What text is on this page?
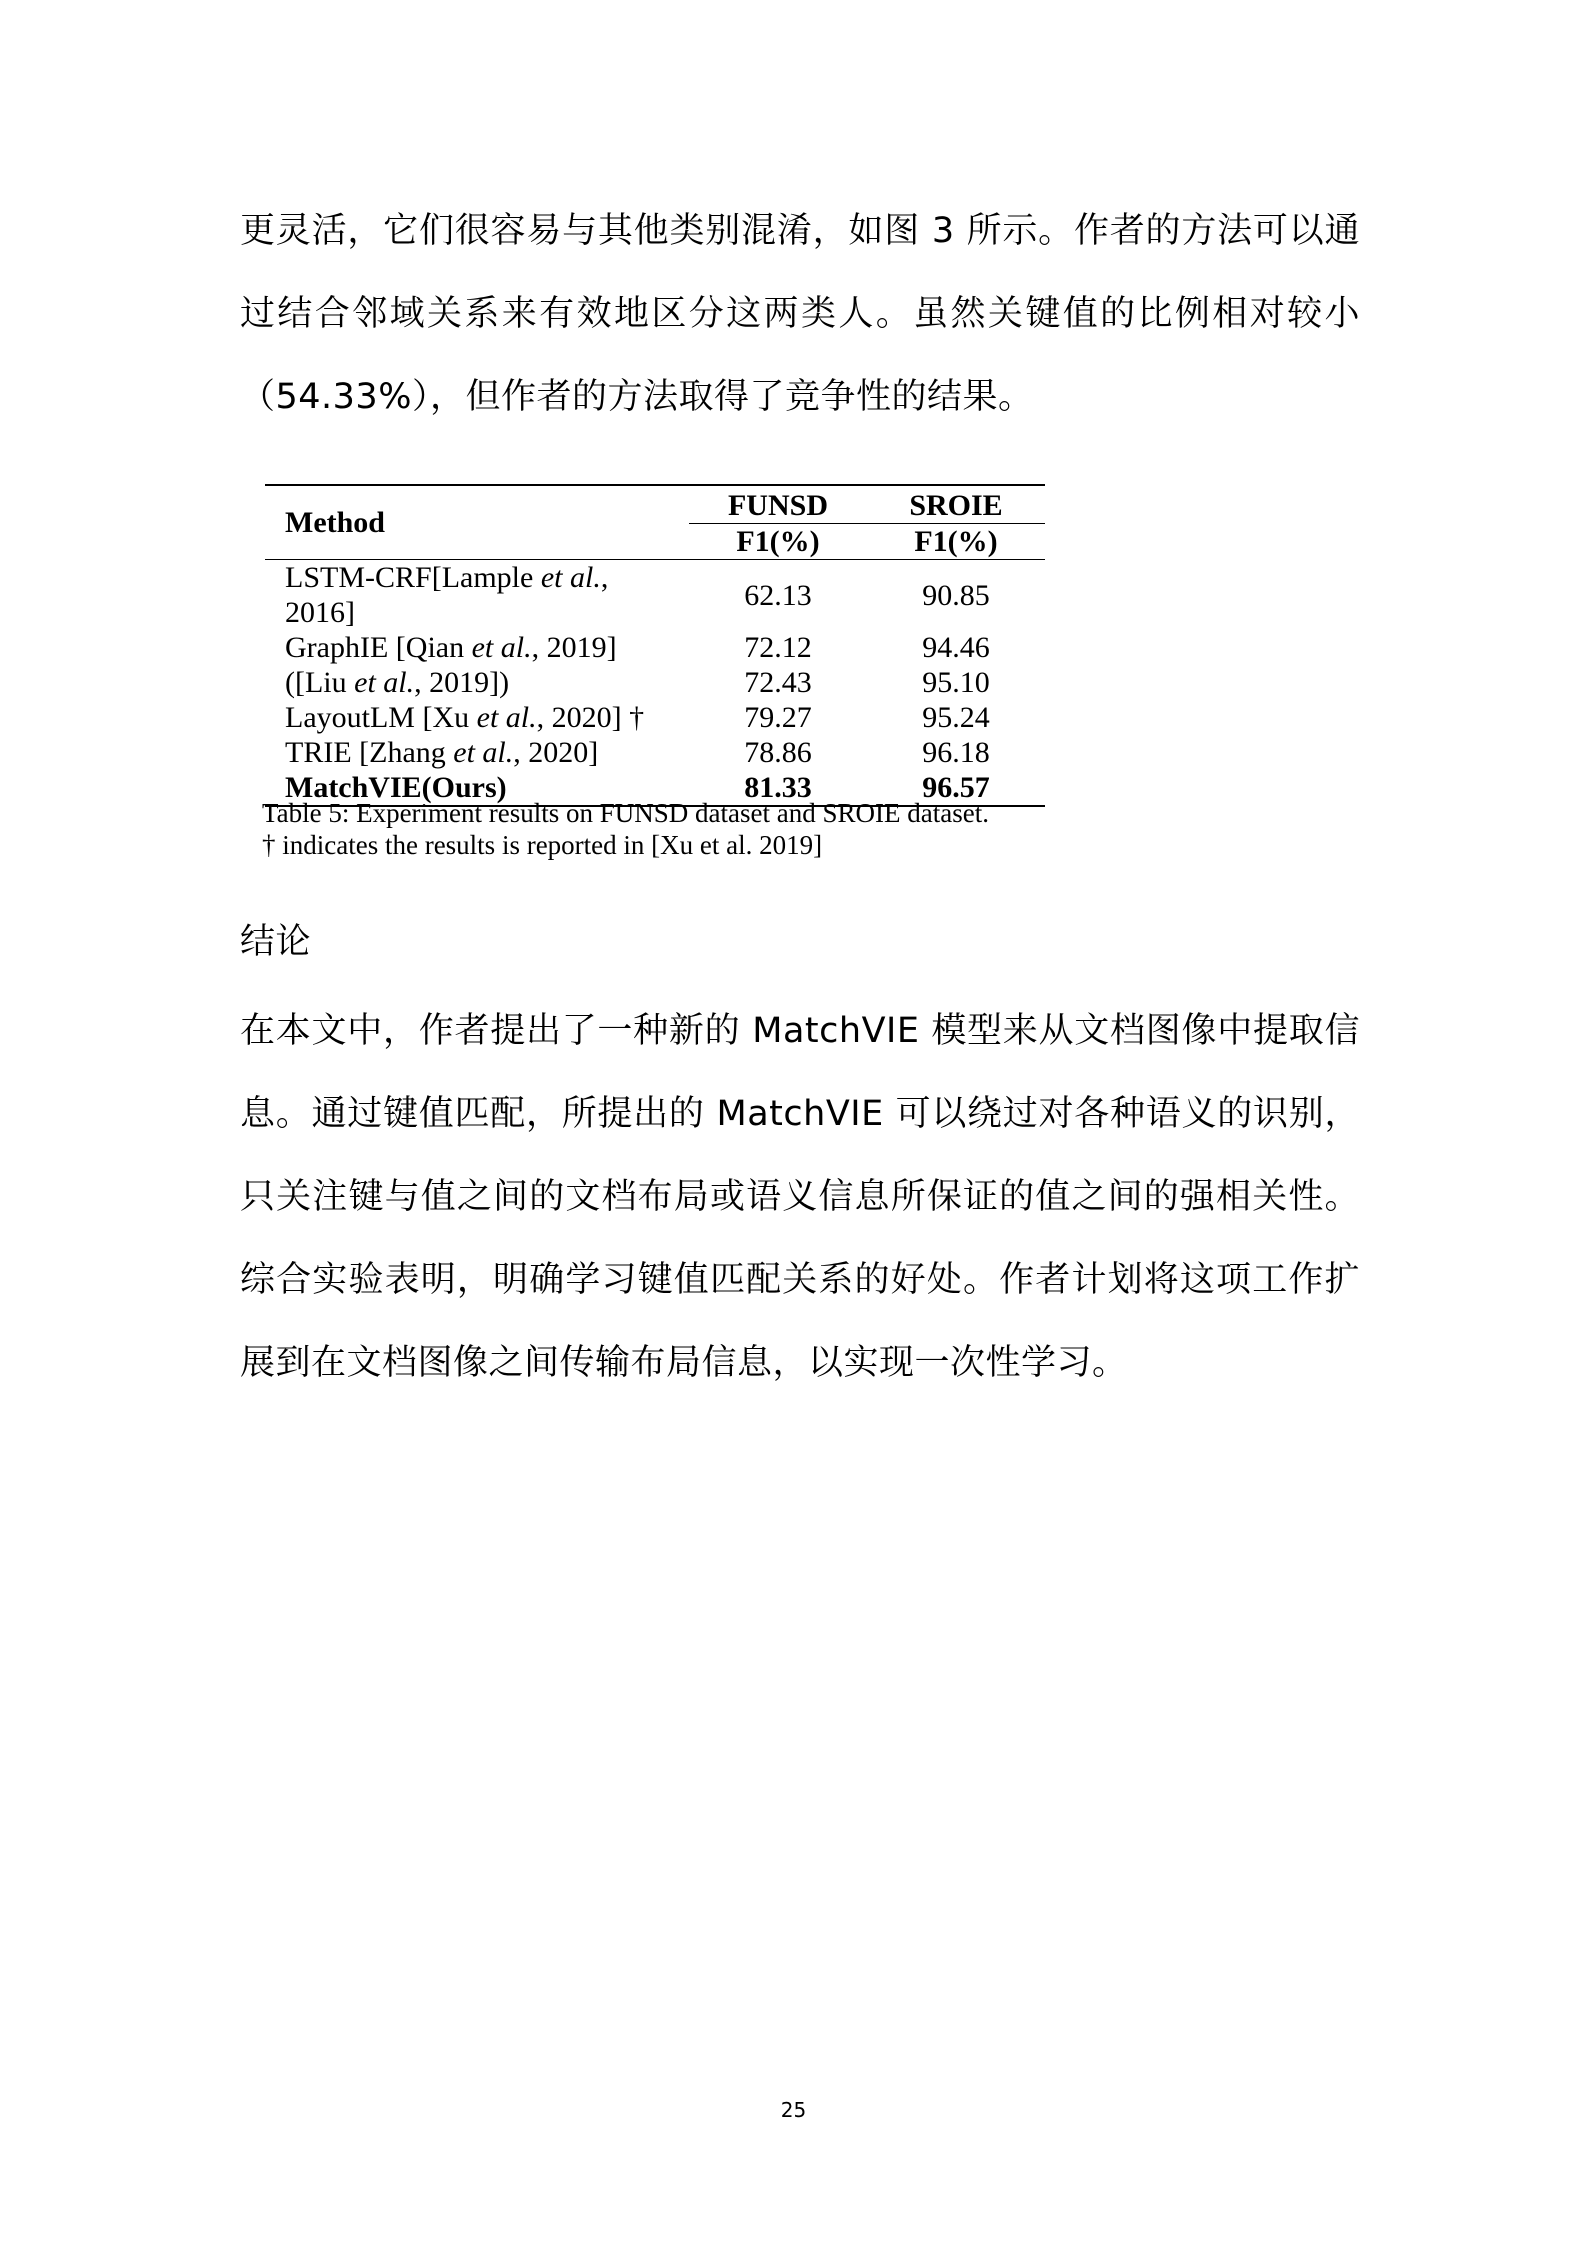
更灵活，它们很容易与其他类别混淆，如图 3 所示。作者的方法可以通过结合邻域关系来有效地区分这两类人。虽然关键值的比例相对较小（54.33%），但作者的方法取得了竞争性的结果。

Method	FUNSD	SROIE
	F1(%)	F1(%)
LSTM-CRF[Lample et al., 2016]	62.13	90.85
GraphIE [Qian et al., 2019]	72.12	94.46
([Liu et al., 2019])	72.43	95.10
LayoutLM [Xu et al., 2020] †	79.27	95.24
TRIE [Zhang et al., 2020]	78.86	96.18
MatchVIE(Ours)	81.33	96.57
Table 5: Experiment results on FUNSD dataset and SROIE dataset.
† indicates the results is reported in [Xu et al. 2019]

结论

在本文中，作者提出了一种新的 MatchVIE 模型来从文档图像中提取信息。通过键值匹配，所提出的 MatchVIE 可以绕过对各种语义的识别，只关注键与值之间的文档布局或语义信息所保证的值之间的强相关性。综合实验表明，明确学习键值匹配关系的好处。作者计划将这项工作扩展到在文档图像之间传输布局信息，以实现一次性学习。

25
